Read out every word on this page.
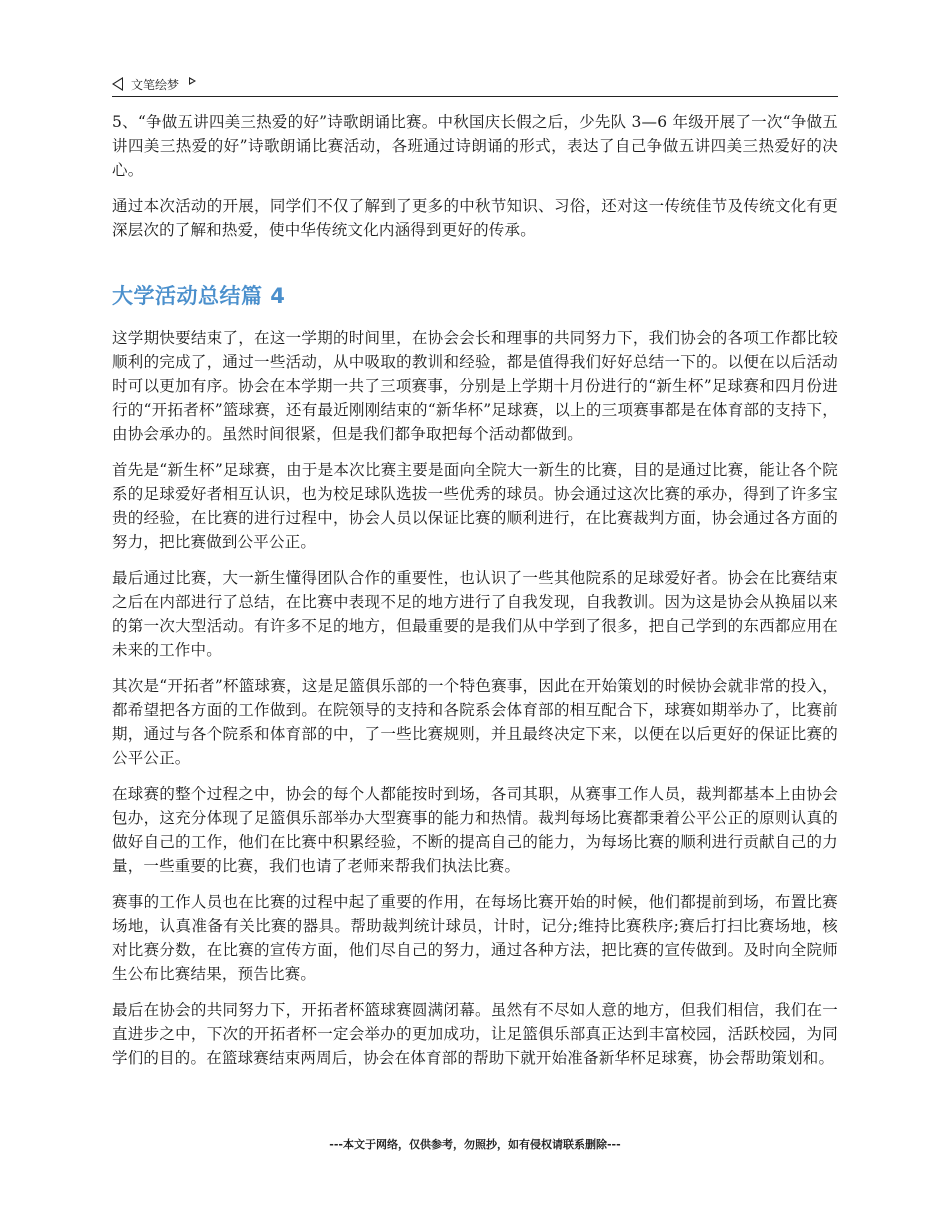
文笔绘梦

5、“争做五讲四美三热爱的好”诗歌朗诵比赛。中秋国庆长假之后，少先队 3—6 年级开展了一次“争做五讲四美三热爱的好”诗歌朗诵比赛活动，各班通过诗朗诵的形式，表达了自己争做五讲四美三热爱好的决心。

通过本次活动的开展，同学们不仅了解到了更多的中秋节知识、习俗，还对这一传统佳节及传统文化有更深层次的了解和热爱，使中华传统文化内涵得到更好的传承。

大学活动总结篇 4

这学期快要结束了，在这一学期的时间里，在协会会长和理事的共同努力下，我们协会的各项工作都比较顺利的完成了，通过一些活动，从中吸取的教训和经验，都是值得我们好好总结一下的。以便在以后活动时可以更加有序。协会在本学期一共了三项赛事，分别是上学期十月份进行的“新生杯”足球赛和四月份进行的“开拓者杯”篮球赛，还有最近刚刚结束的“新华杯”足球赛，以上的三项赛事都是在体育部的支持下，由协会承办的。虽然时间很紧，但是我们都争取把每个活动都做到。

首先是“新生杯”足球赛，由于是本次比赛主要是面向全院大一新生的比赛，目的是通过比赛，能让各个院系的足球爱好者相互认识，也为校足球队选拔一些优秀的球员。协会通过这次比赛的承办，得到了许多宝贵的经验，在比赛的进行过程中，协会人员以保证比赛的顺利进行，在比赛裁判方面，协会通过各方面的努力，把比赛做到公平公正。

最后通过比赛，大一新生懂得团队合作的重要性，也认识了一些其他院系的足球爱好者。协会在比赛结束之后在内部进行了总结，在比赛中表现不足的地方进行了自我发现，自我教训。因为这是协会从换届以来的第一次大型活动。有许多不足的地方，但最重要的是我们从中学到了很多，把自己学到的东西都应用在未来的工作中。

其次是“开拓者”杯篮球赛，这是足篮俱乐部的一个特色赛事，因此在开始策划的时候协会就非常的投入，都希望把各方面的工作做到。在院领导的支持和各院系会体育部的相互配合下，球赛如期举办了，比赛前期，通过与各个院系和体育部的中，了一些比赛规则，并且最终决定下来，以便在以后更好的保证比赛的公平公正。

在球赛的整个过程之中，协会的每个人都能按时到场，各司其职，从赛事工作人员，裁判都基本上由协会包办，这充分体现了足篮俱乐部举办大型赛事的能力和热情。裁判每场比赛都秉着公平公正的原则认真的做好自己的工作，他们在比赛中积累经验，不断的提高自己的能力，为每场比赛的顺利进行贡献自己的力量，一些重要的比赛，我们也请了老师来帮我们执法比赛。

赛事的工作人员也在比赛的过程中起了重要的作用，在每场比赛开始的时候，他们都提前到场，布置比赛场地，认真准备有关比赛的器具。帮助裁判统计球员，计时，记分;维持比赛秩序;赛后打扫比赛场地，核对比赛分数，在比赛的宣传方面，他们尽自己的努力，通过各种方法，把比赛的宣传做到。及时向全院师生公布比赛结果，预告比赛。

最后在协会的共同努力下，开拓者杯篮球赛圆满闭幕。虽然有不尽如人意的地方，但我们相信，我们在一直进步之中，下次的开拓者杯一定会举办的更加成功，让足篮俱乐部真正达到丰富校园，活跃校园，为同学们的目的。在篮球赛结束两周后，协会在体育部的帮助下就开始准备新华杯足球赛，协会帮助策划和。

---本文于网络，仅供参考，勿照抄，如有侵权请联系删除---
